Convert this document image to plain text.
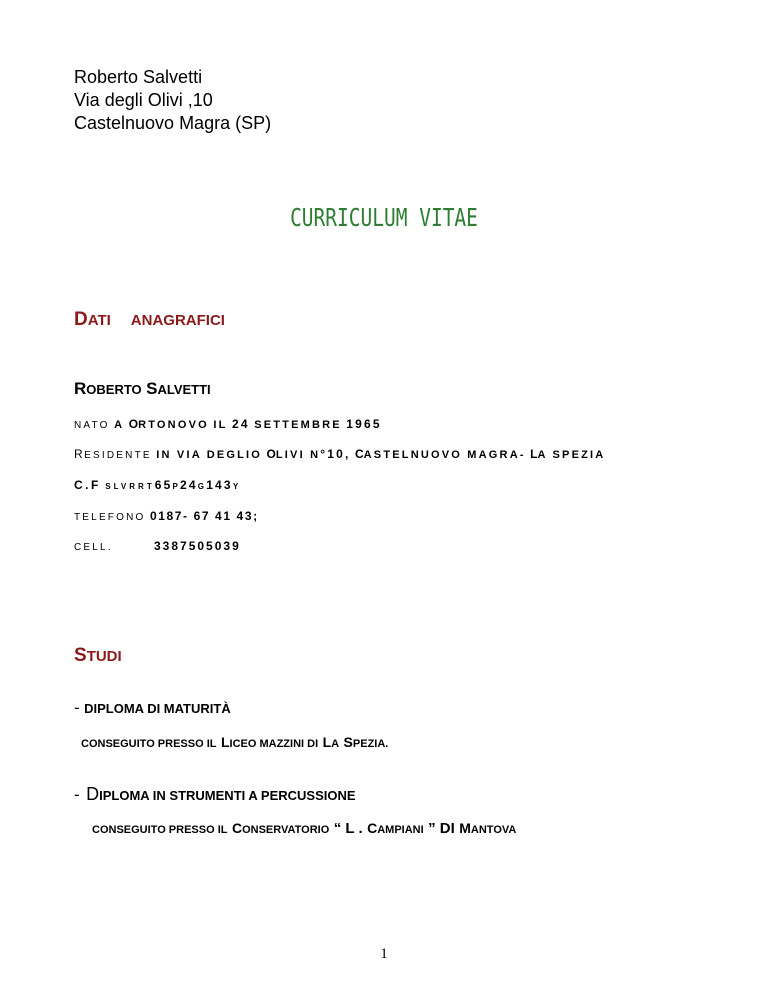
Roberto Salvetti
Via degli Olivi ,10
Castelnuovo Magra (SP)
CURRICULUM VITAE
DATI ANAGRAFICI
ROBERTO SALVETTI
NATO A ORTONOVO IL 24 SETTEMBRE 1965
RESIDENTE IN VIA DEGLIO OLIVI N°10, CASTELNUOVO MAGRA- LA SPEZIA
C.F SLVRRT65P24G143Y
TELEFONO 0187- 67 41 43;
CELL.	3387505039
STUDI
- DIPLOMA DI MATURITÀ
CONSEGUITO PRESSO IL LICEO MAZZINI DI LA SPEZIA.
- DIPLOMA IN STRUMENTI A PERCUSSIONE
CONSEGUITO PRESSO IL CONSERVATORIO “ L . CAMPIANI ” DI MANTOVA
1
